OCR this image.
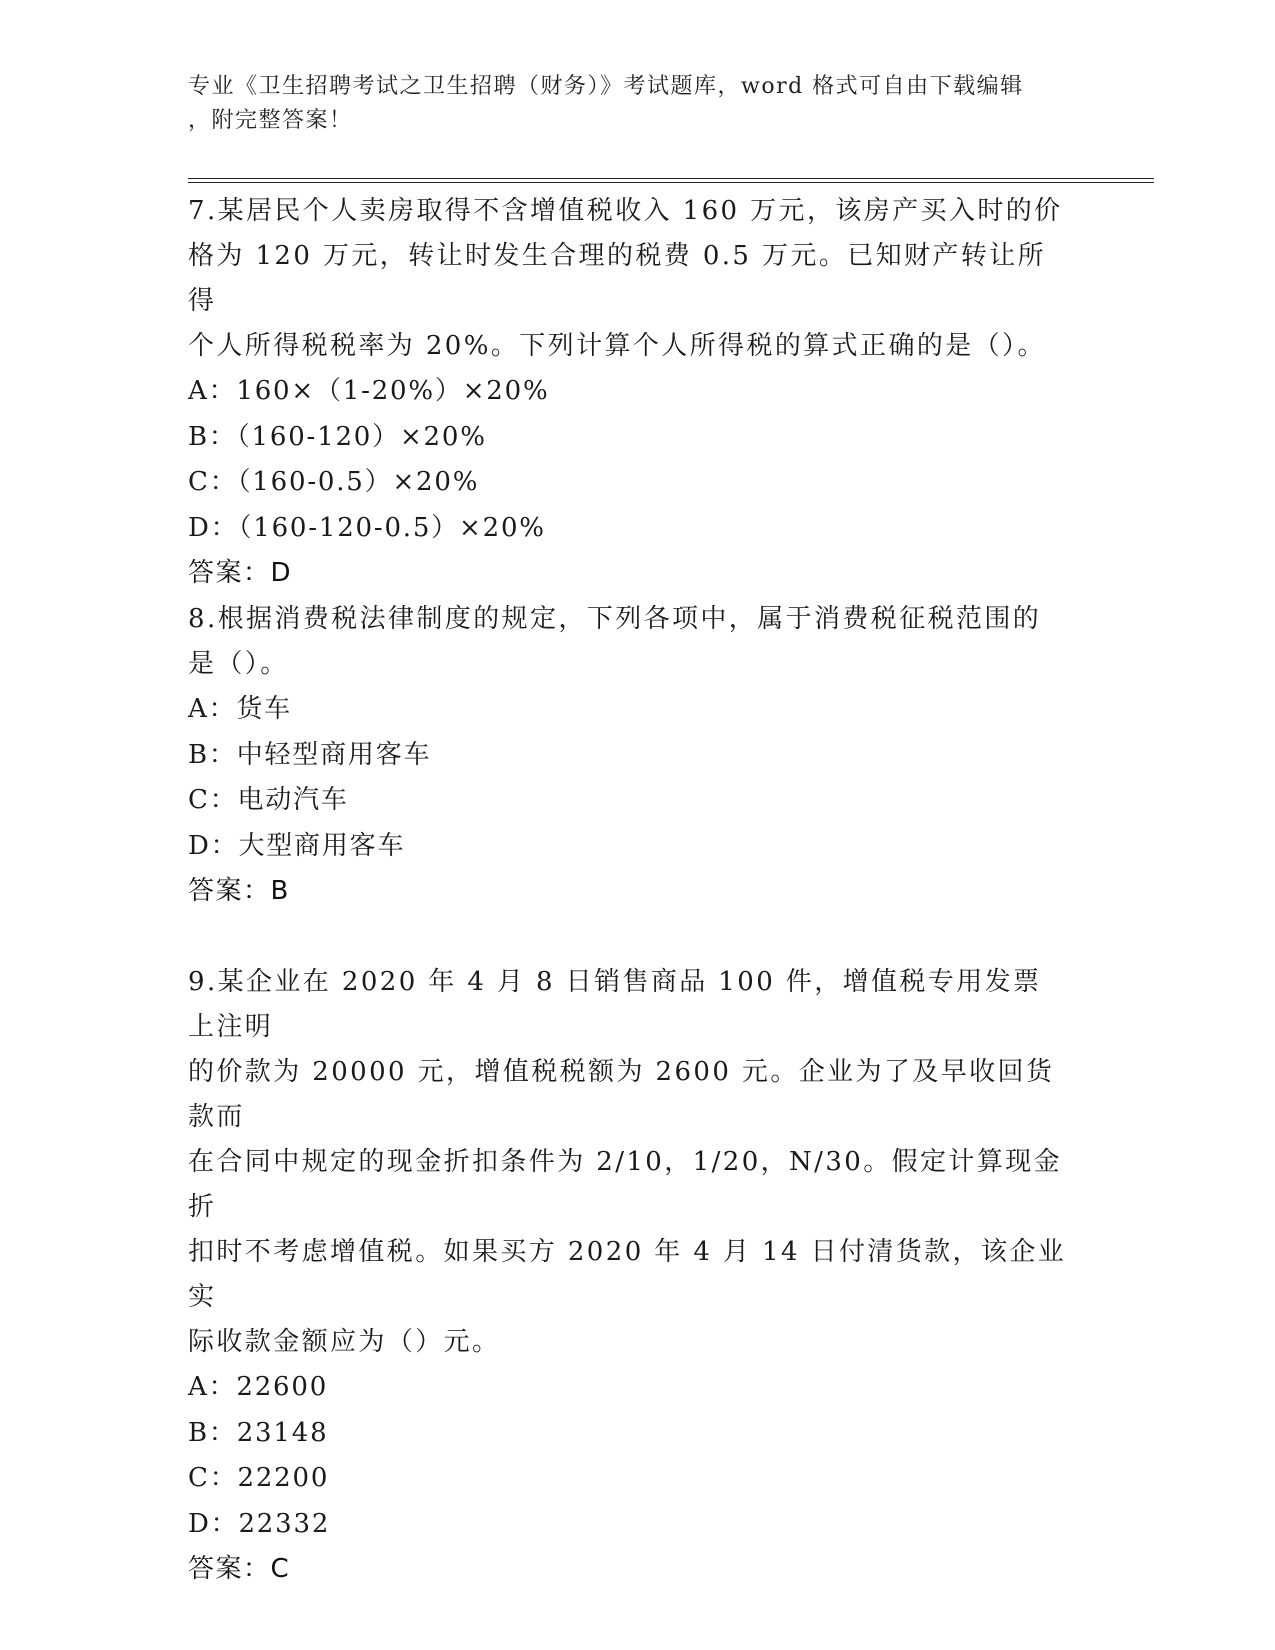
专业《卫生招聘考试之卫生招聘（财务）》考试题库，word 格式可自由下载编辑
，附完整答案！
7.某居民个人卖房取得不含增值税收入 160 万元，该房产买入时的价
格为 120 万元，转让时发生合理的税费 0.5 万元。已知财产转让所得
个人所得税税率为 20%。下列计算个人所得税的算式正确的是（）。
A：160×（1-20%）×20%
B：（160-120）×20%
C：（160-0.5）×20%
D：（160-120-0.5）×20%
答案：D
8.根据消费税法律制度的规定，下列各项中，属于消费税征税范围的
是（）。
A：货车
B：中轻型商用客车
C：电动汽车
D：大型商用客车
答案：B
9.某企业在 2020 年 4 月 8 日销售商品 100 件，增值税专用发票上注明
的价款为 20000 元，增值税税额为 2600 元。企业为了及早收回货款而
在合同中规定的现金折扣条件为 2/10，1/20，N/30。假定计算现金折
扣时不考虑增值税。如果买方 2020 年 4 月 14 日付清货款，该企业实
际收款金额应为（）元。
A：22600
B：23148
C：22200
D：22332
答案：C
